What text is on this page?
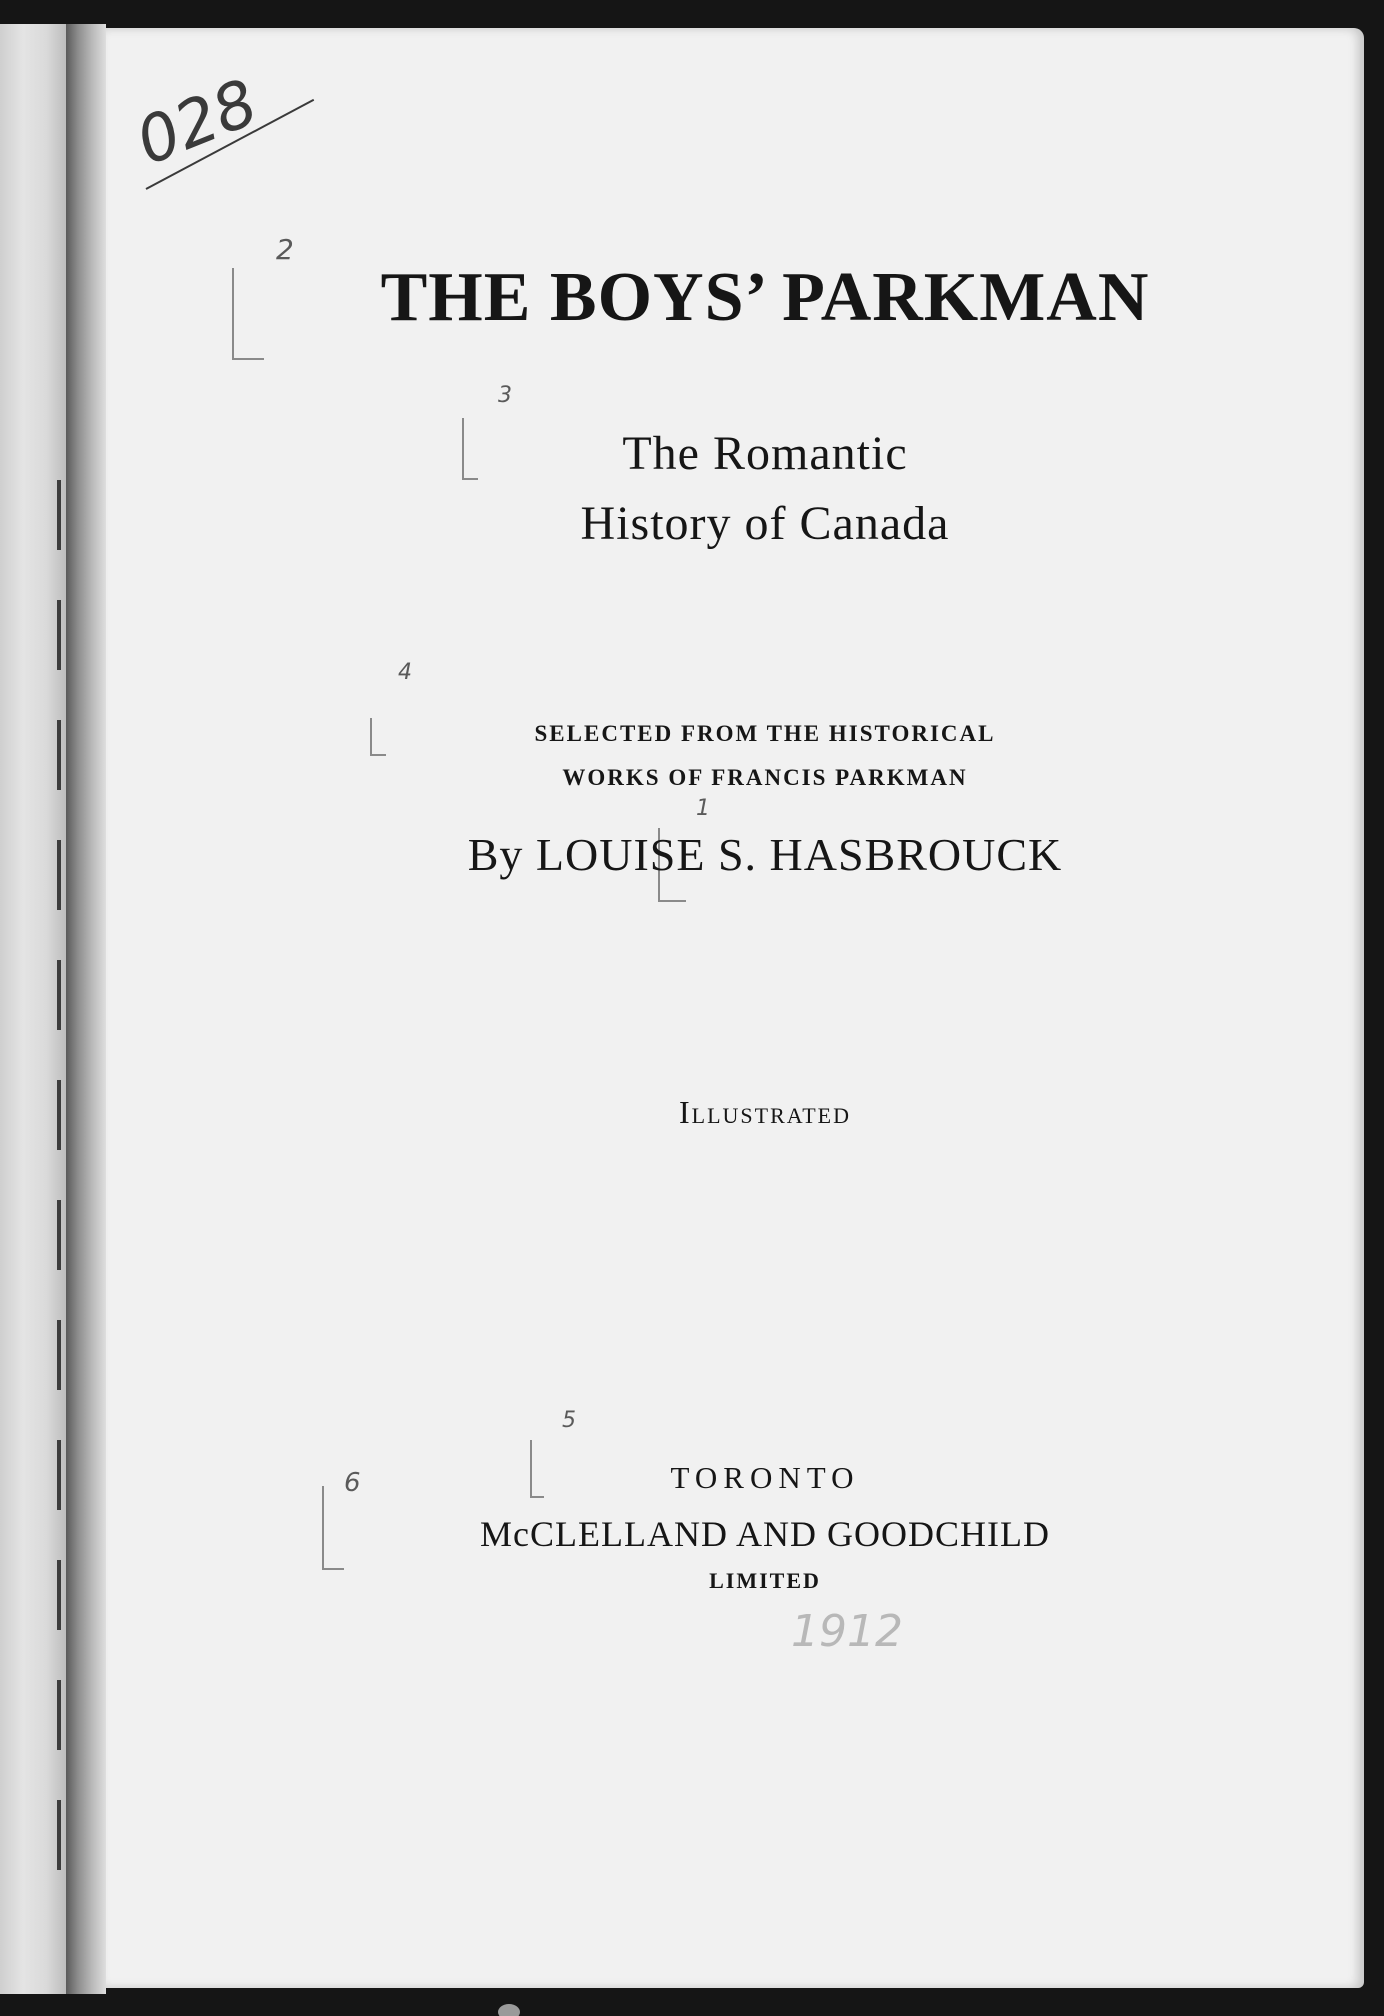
028
2
THE BOYS’ PARKMAN
3
The Romantic
History of Canada
4
SELECTED FROM THE HISTORICAL
WORKS OF FRANCIS PARKMAN
1
By LOUISE S. HASBROUCK
Illustrated
5
TORONTO
6
McCLELLAND AND GOODCHILD
LIMITED
1912
